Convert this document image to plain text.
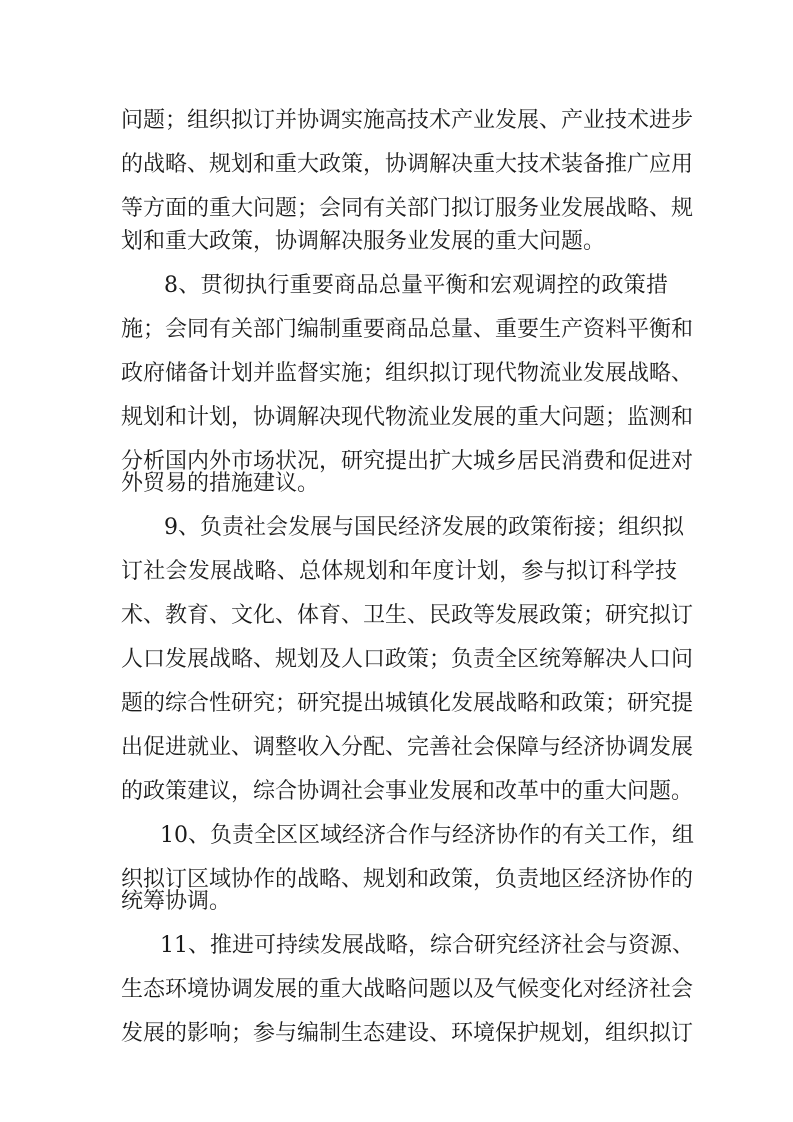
问题；组织拟订并协调实施高技术产业发展、产业技术进步

的战略、规划和重大政策，协调解决重大技术装备推广应用

等方面的重大问题；会同有关部门拟订服务业发展战略、规

划和重大政策，协调解决服务业发展的重大问题。

8、贯彻执行重要商品总量平衡和宏观调控的政策措

施；会同有关部门编制重要商品总量、重要生产资料平衡和

政府储备计划并监督实施；组织拟订现代物流业发展战略、

规划和计划，协调解决现代物流业发展的重大问题；监测和

分析国内外市场状况，研究提出扩大城乡居民消费和促进对

外贸易的措施建议。

9、负责社会发展与国民经济发展的政策衔接；组织拟

订社会发展战略、总体规划和年度计划，参与拟订科学技

术、教育、文化、体育、卫生、民政等发展政策；研究拟订

人口发展战略、规划及人口政策；负责全区统筹解决人口问

题的综合性研究；研究提出城镇化发展战略和政策；研究提

出促进就业、调整收入分配、完善社会保障与经济协调发展

的政策建议，综合协调社会事业发展和改革中的重大问题。

10、负责全区区域经济合作与经济协作的有关工作，组

织拟订区域协作的战略、规划和政策，负责地区经济协作的

统筹协调。

11、推进可持续发展战略，综合研究经济社会与资源、

生态环境协调发展的重大战略问题以及气候变化对经济社会

发展的影响；参与编制生态建设、环境保护规划，组织拟订
